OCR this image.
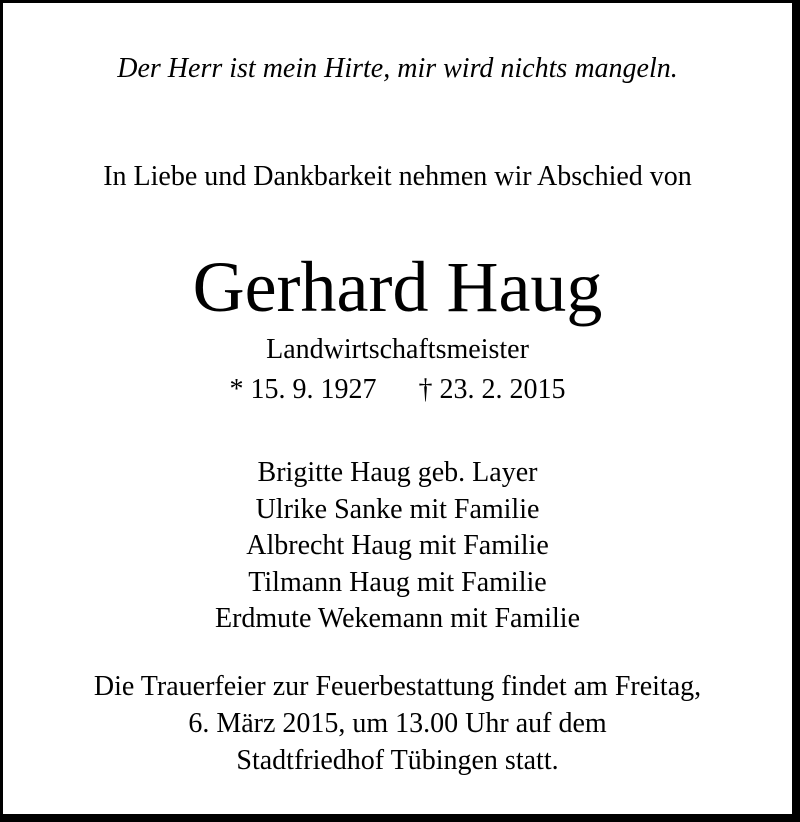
Der Herr ist mein Hirte, mir wird nichts mangeln.
In Liebe und Dankbarkeit nehmen wir Abschied von
Gerhard Haug
Landwirtschaftsmeister
* 15. 9. 1927 † 23. 2. 2015
Brigitte Haug geb. Layer
Ulrike Sanke mit Familie
Albrecht Haug mit Familie
Tilmann Haug mit Familie
Erdmute Wekemann mit Familie
Die Trauerfeier zur Feuerbestattung findet am Freitag,
6. März 2015, um 13.00 Uhr auf dem
Stadtfriedhof Tübingen statt.
